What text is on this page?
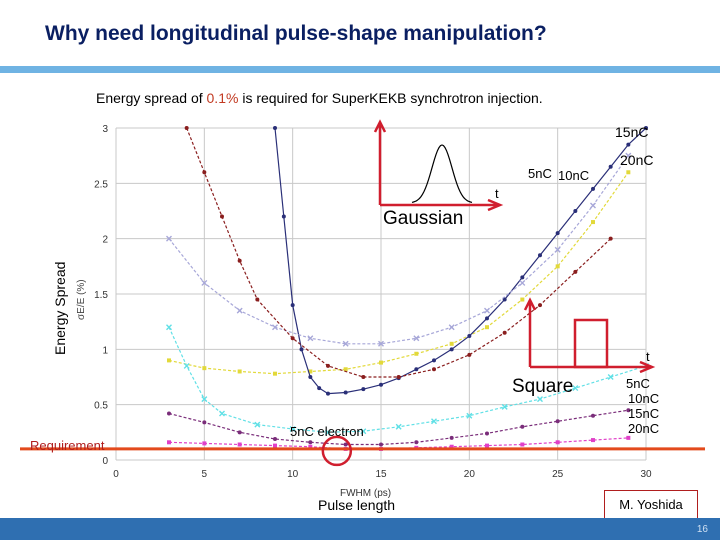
Why need longitudinal pulse-shape manipulation?
Energy spread of 0.1% is required for SuperKEKB synchrotron injection.
0
0.5
1
1.5
2
2.5
3
0	5	10	15	20	25	30
Energy Spread σE/E (%)
FWHM (ps)
Requirement
Pulse length
15nC
5nC 10nC
20nC
5nC electron
Gaussian
t
Square
t
5nC
10nC
15nC
20nC
M. Yoshida
16
